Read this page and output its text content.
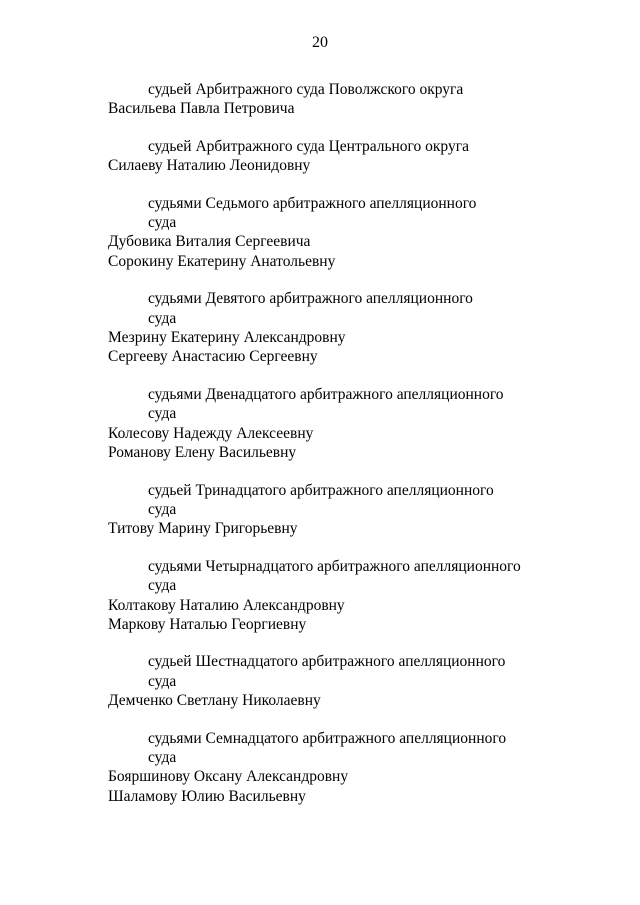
20
судьей Арбитражного суда Поволжского округа
Васильева Павла Петровича
судьей Арбитражного суда Центрального округа
Силаеву Наталию Леонидовну
судьями Седьмого арбитражного апелляционного
суда
Дубовика Виталия Сергеевича
Сорокину Екатерину Анатольевну
судьями Девятого арбитражного апелляционного
суда
Мезрину Екатерину Александровну
Сергееву Анастасию Сергеевну
судьями Двенадцатого арбитражного апелляционного
суда
Колесову Надежду Алексеевну
Романову Елену Васильевну
судьей Тринадцатого арбитражного апелляционного
суда
Титову Марину Григорьевну
судьями Четырнадцатого арбитражного апелляционного
суда
Колтакову Наталию Александровну
Маркову Наталью Георгиевну
судьей Шестнадцатого арбитражного апелляционного
суда
Демченко Светлану Николаевну
судьями Семнадцатого арбитражного апелляционного
суда
Бояршинову Оксану Александровну
Шаламову Юлию Васильевну
